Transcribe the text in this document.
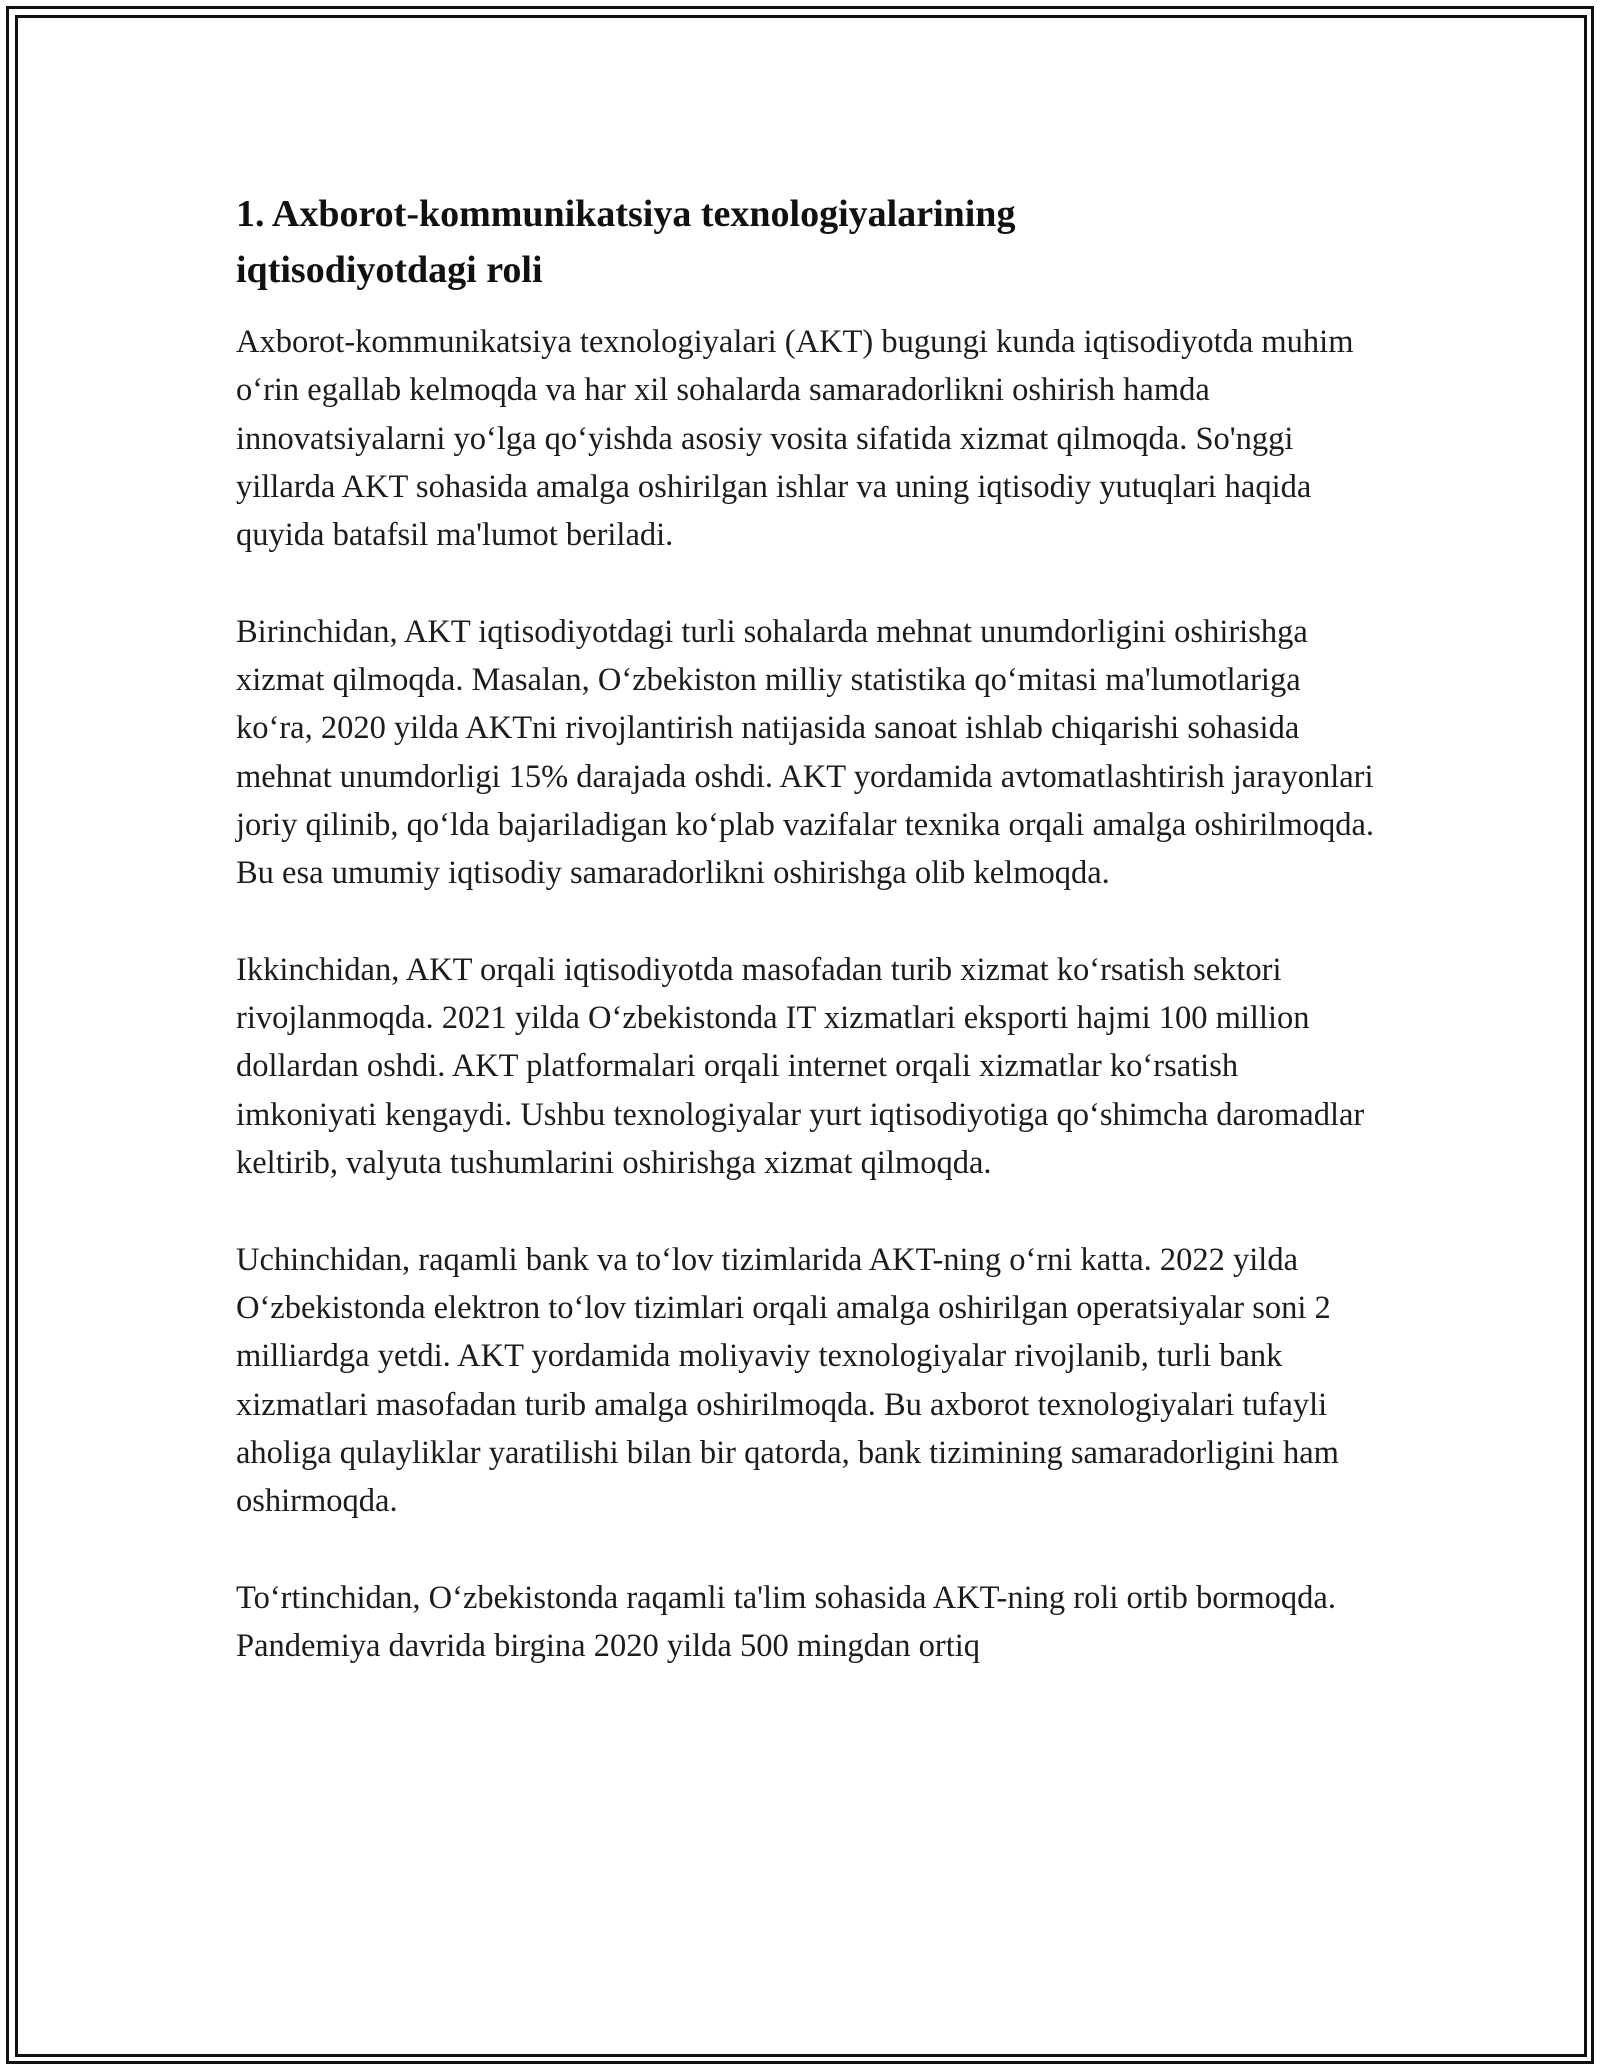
1. Axborot-kommunikatsiya texnologiyalarining iqtisodiyotdagi roli

Axborot-kommunikatsiya texnologiyalari (AKT) bugungi kunda iqtisodiyotda muhim o‘rin egallab kelmoqda va har xil sohalarda samaradorlikni oshirish hamda innovatsiyalarni yo‘lga qo‘yishda asosiy vosita sifatida xizmat qilmoqda. So'nggi yillarda AKT sohasida amalga oshirilgan ishlar va uning iqtisodiy yutuqlari haqida quyida batafsil ma'lumot beriladi.

Birinchidan, AKT iqtisodiyotdagi turli sohalarda mehnat unumdorligini oshirishga xizmat qilmoqda. Masalan, O‘zbekiston milliy statistika qo‘mitasi ma'lumotlariga ko‘ra, 2020 yilda AKTni rivojlantirish natijasida sanoat ishlab chiqarishi sohasida mehnat unumdorligi 15% darajada oshdi. AKT yordamida avtomatlashtirish jarayonlari joriy qilinib, qo‘lda bajariladigan ko‘plab vazifalar texnika orqali amalga oshirilmoqda. Bu esa umumiy iqtisodiy samaradorlikni oshirishga olib kelmoqda.

Ikkinchidan, AKT orqali iqtisodiyotda masofadan turib xizmat ko‘rsatish sektori rivojlanmoqda. 2021 yilda O‘zbekistonda IT xizmatlari eksporti hajmi 100 million dollardan oshdi. AKT platformalari orqali internet orqali xizmatlar ko‘rsatish imkoniyati kengaydi. Ushbu texnologiyalar yurt iqtisodiyotiga qo‘shimcha daromadlar keltirib, valyuta tushumlarini oshirishga xizmat qilmoqda.

Uchinchidan, raqamli bank va to‘lov tizimlarida AKT-ning o‘rni katta. 2022 yilda O‘zbekistonda elektron to‘lov tizimlari orqali amalga oshirilgan operatsiyalar soni 2 milliardga yetdi. AKT yordamida moliyaviy texnologiyalar rivojlanib, turli bank xizmatlari masofadan turib amalga oshirilmoqda. Bu axborot texnologiyalari tufayli aholiga qulayliklar yaratilishi bilan bir qatorda, bank tizimining samaradorligini ham oshirmoqda.

To‘rtinchidan, O‘zbekistonda raqamli ta'lim sohasida AKT-ning roli ortib bormoqda. Pandemiya davrida birgina 2020 yilda 500 mingdan ortiq
